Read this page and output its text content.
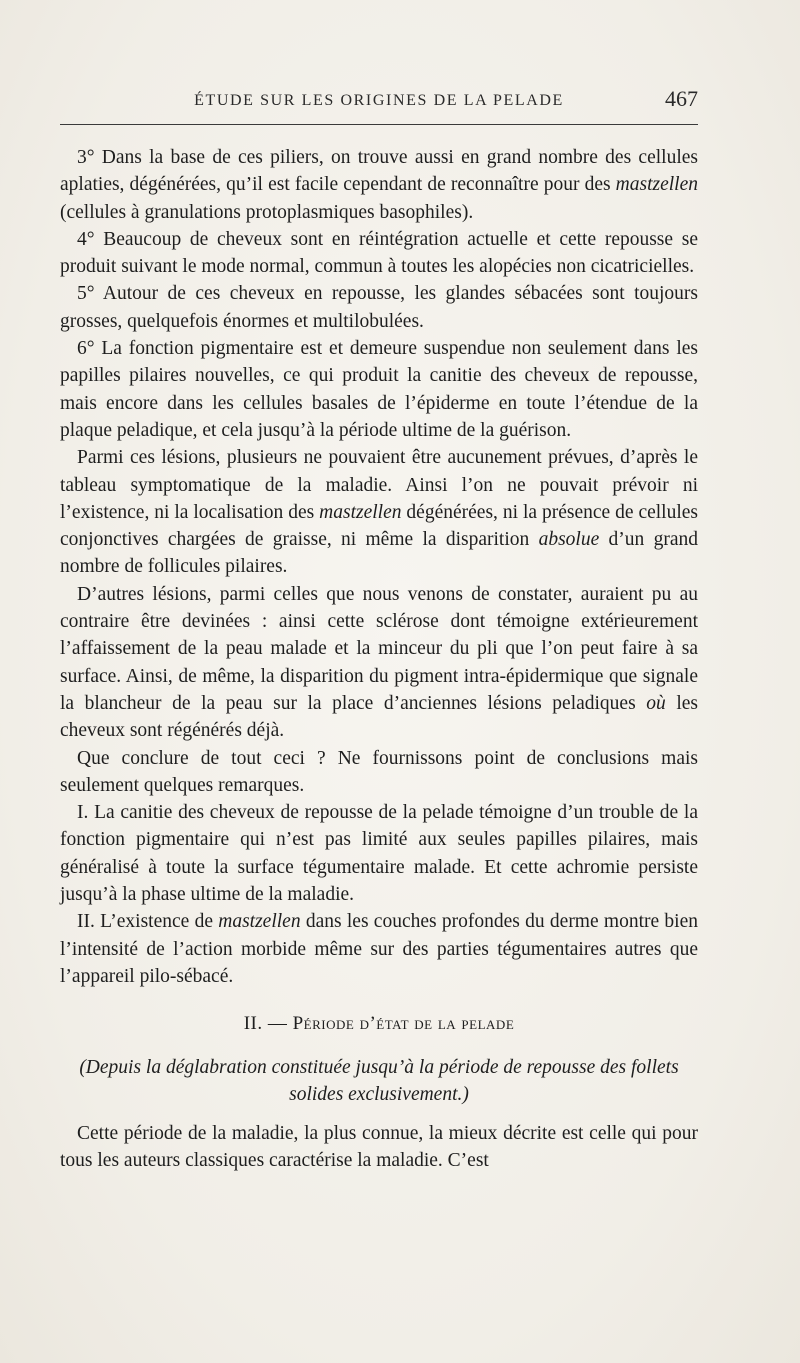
ÉTUDE SUR LES ORIGINES DE LA PELADE	467

3° Dans la base de ces piliers, on trouve aussi en grand nombre des cellules aplaties, dégénérées, qu’il est facile cependant de reconnaître pour des mastzellen (cellules à granulations protoplasmiques basophiles).

4° Beaucoup de cheveux sont en réintégration actuelle et cette repousse se produit suivant le mode normal, commun à toutes les alopécies non cicatricielles.

5° Autour de ces cheveux en repousse, les glandes sébacées sont toujours grosses, quelquefois énormes et multilobulées.

6° La fonction pigmentaire est et demeure suspendue non seulement dans les papilles pilaires nouvelles, ce qui produit la canitie des cheveux de repousse, mais encore dans les cellules basales de l’épiderme en toute l’étendue de la plaque peladique, et cela jusqu’à la période ultime de la guérison.

Parmi ces lésions, plusieurs ne pouvaient être aucunement prévues, d’après le tableau symptomatique de la maladie. Ainsi l’on ne pouvait prévoir ni l’existence, ni la localisation des mastzellen dégénérées, ni la présence de cellules conjonctives chargées de graisse, ni même la disparition absolue d’un grand nombre de follicules pilaires.

D’autres lésions, parmi celles que nous venons de constater, auraient pu au contraire être devinées : ainsi cette sclérose dont témoigne extérieurement l’affaissement de la peau malade et la minceur du pli que l’on peut faire à sa surface. Ainsi, de même, la disparition du pigment intra-épidermique que signale la blancheur de la peau sur la place d’anciennes lésions peladiques où les cheveux sont régénérés déjà.

Que conclure de tout ceci ? Ne fournissons point de conclusions mais seulement quelques remarques.

I. La canitie des cheveux de repousse de la pelade témoigne d’un trouble de la fonction pigmentaire qui n’est pas limité aux seules papilles pilaires, mais généralisé à toute la surface tégumentaire malade. Et cette achromie persiste jusqu’à la phase ultime de la maladie.

II. L’existence de mastzellen dans les couches profondes du derme montre bien l’intensité de l’action morbide même sur des parties tégumentaires autres que l’appareil pilo-sébacé.

II. — Période d’état de la pelade

(Depuis la déglabration constituée jusqu’à la période de repousse des follets solides exclusivement.)

Cette période de la maladie, la plus connue, la mieux décrite est celle qui pour tous les auteurs classiques caractérise la maladie. C’est
